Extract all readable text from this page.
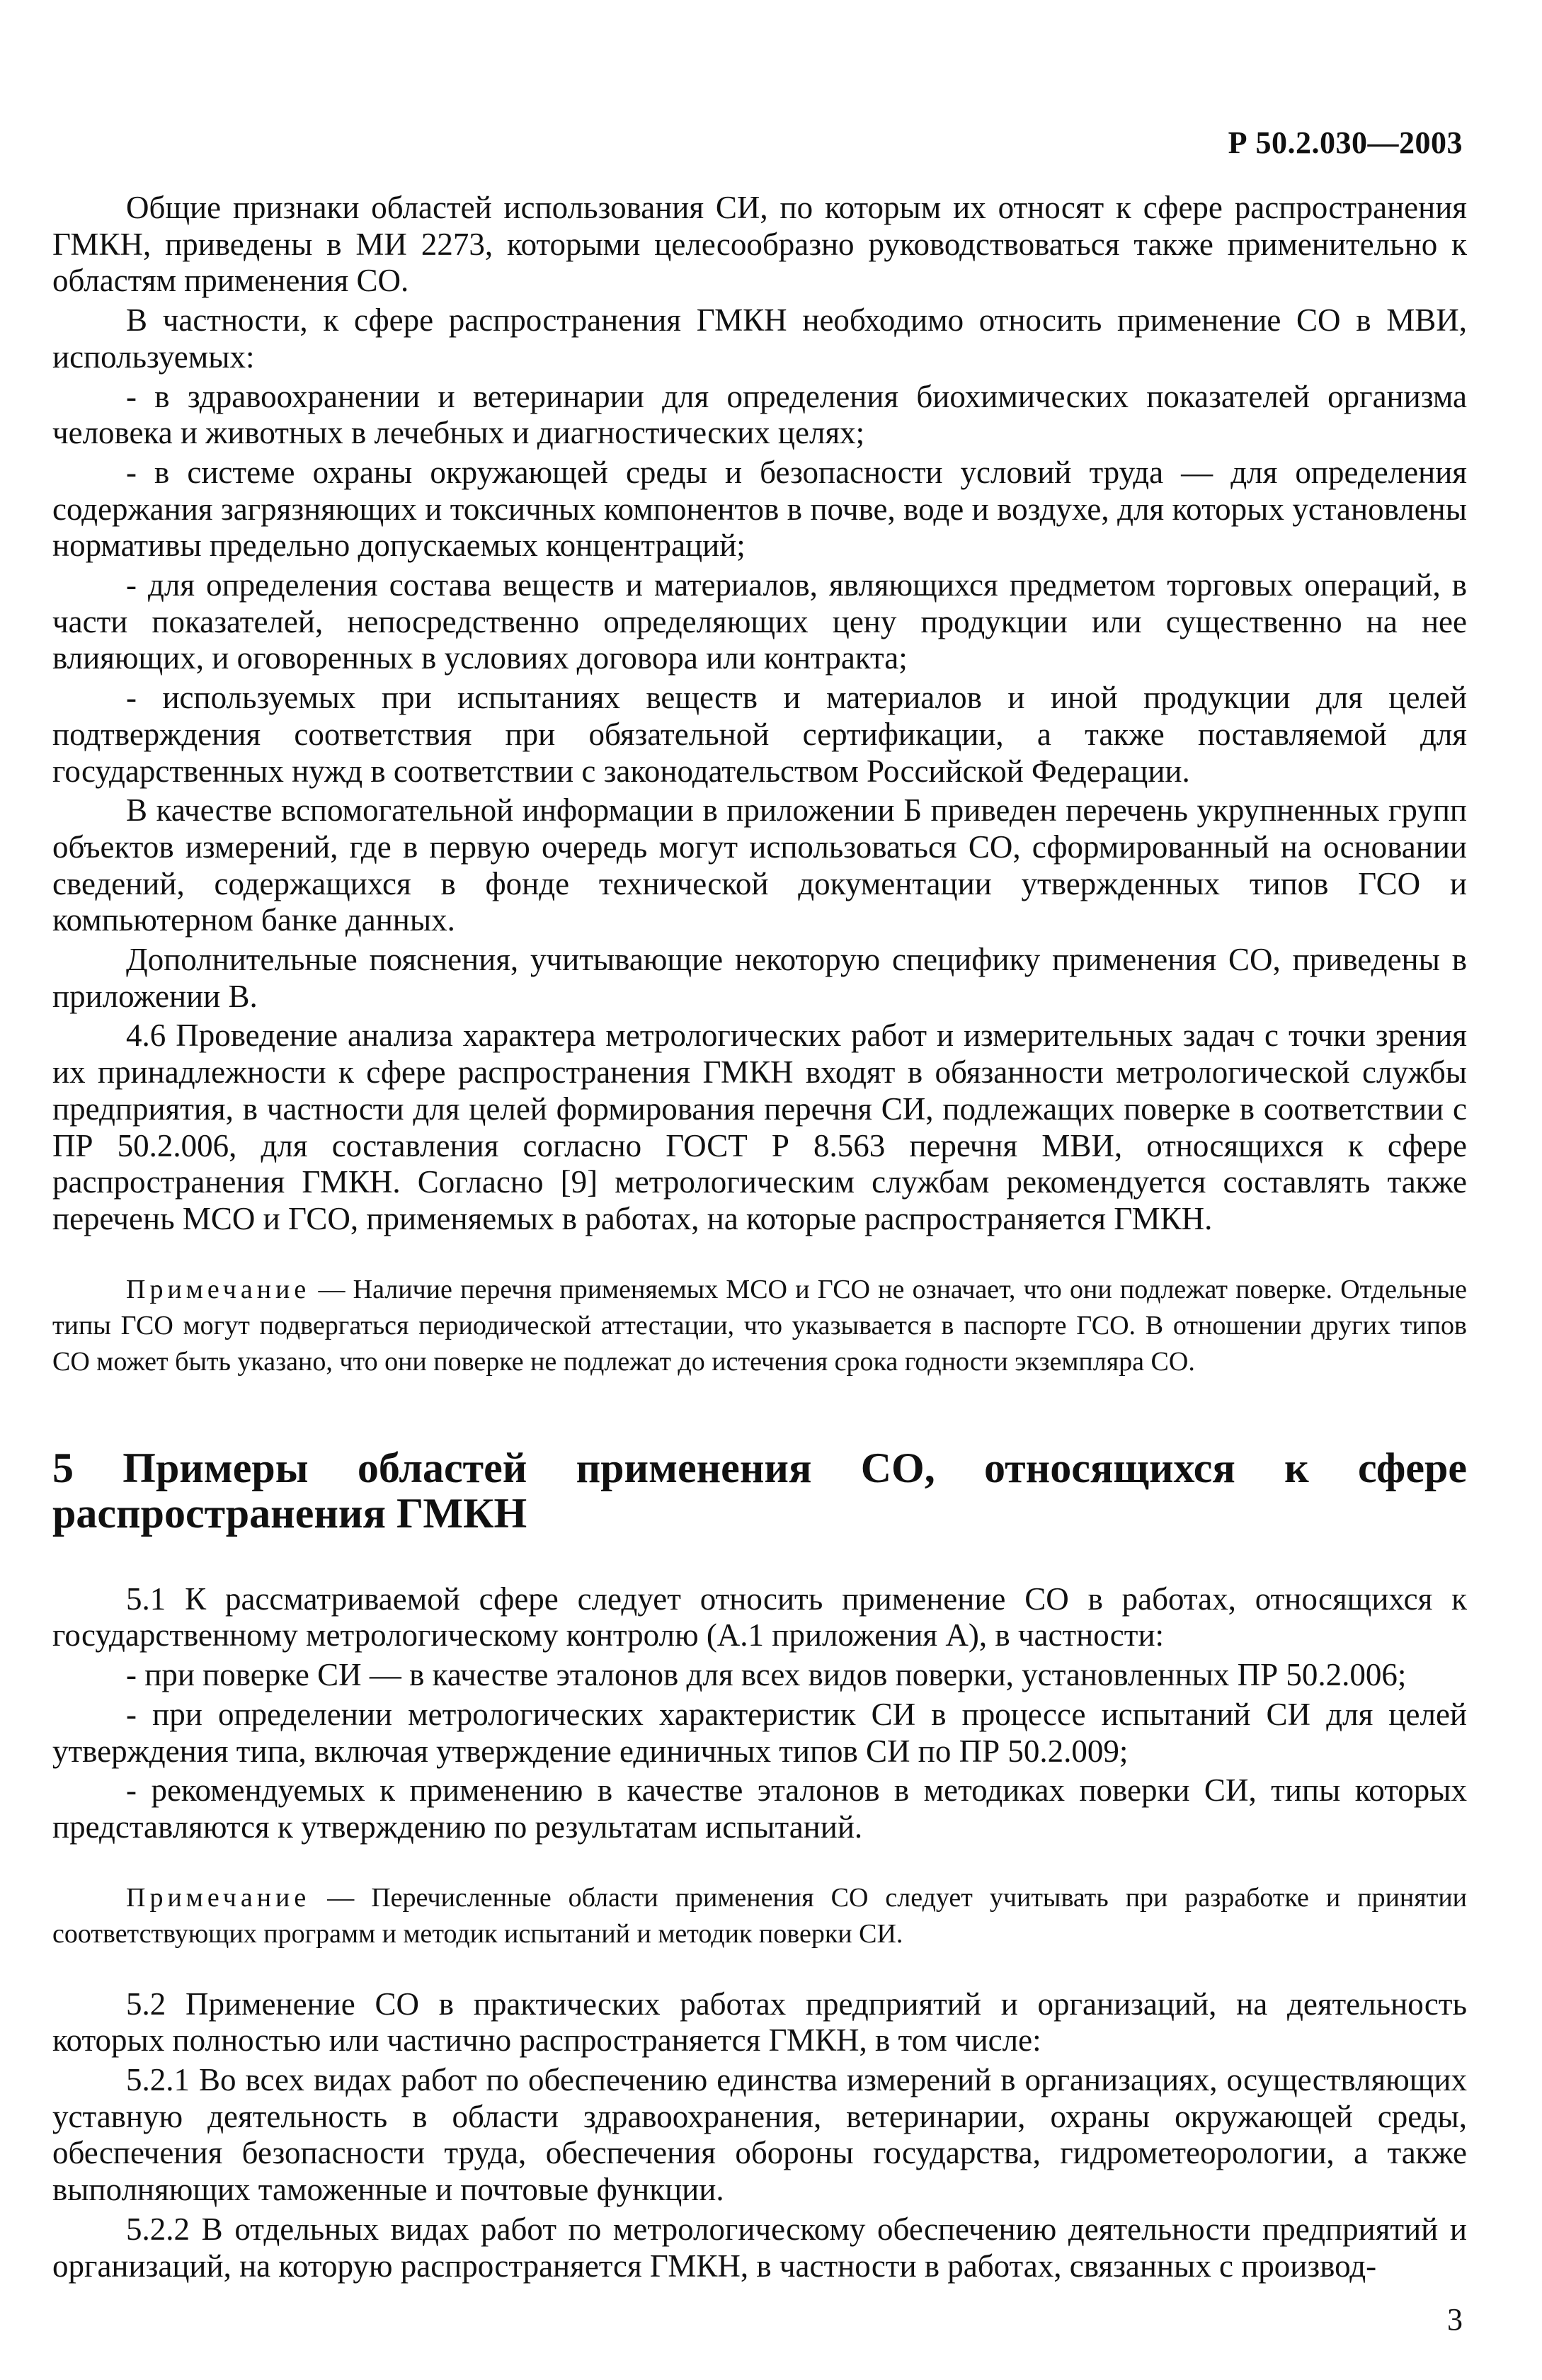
Р 50.2.030—2003

Общие признаки областей использования СИ, по которым их относят к сфере распространения ГМКН, приведены в МИ 2273, которыми целесообразно руководствоваться также применительно к областям применения СО.

В частности, к сфере распространения ГМКН необходимо относить применение СО в МВИ, используемых:

- в здравоохранении и ветеринарии для определения биохимических показателей организма человека и животных в лечебных и диагностических целях;

- в системе охраны окружающей среды и безопасности условий труда — для определения содержания загрязняющих и токсичных компонентов в почве, воде и воздухе, для которых установлены нормативы предельно допускаемых концентраций;

- для определения состава веществ и материалов, являющихся предметом торговых операций, в части показателей, непосредственно определяющих цену продукции или существенно на нее влияющих, и оговоренных в условиях договора или контракта;

- используемых при испытаниях веществ и материалов и иной продукции для целей подтверждения соответствия при обязательной сертификации, а также поставляемой для государственных нужд в соответствии с законодательством Российской Федерации.

В качестве вспомогательной информации в приложении Б приведен перечень укрупненных групп объектов измерений, где в первую очередь могут использоваться СО, сформированный на основании сведений, содержащихся в фонде технической документации утвержденных типов ГСО и компьютерном банке данных.

Дополнительные пояснения, учитывающие некоторую специфику применения СО, приведены в приложении В.

4.6 Проведение анализа характера метрологических работ и измерительных задач с точки зрения их принадлежности к сфере распространения ГМКН входят в обязанности метрологической службы предприятия, в частности для целей формирования перечня СИ, подлежащих поверке в соответствии с ПР 50.2.006, для составления согласно ГОСТ Р 8.563 перечня МВИ, относящихся к сфере распространения ГМКН. Согласно [9] метрологическим службам рекомендуется составлять также перечень МСО и ГСО, применяемых в работах, на которые распространяется ГМКН.

Примечание — Наличие перечня применяемых МСО и ГСО не означает, что они подлежат поверке. Отдельные типы ГСО могут подвергаться периодической аттестации, что указывается в паспорте ГСО. В отношении других типов СО может быть указано, что они поверке не подлежат до истечения срока годности экземпляра СО.

5 Примеры областей применения СО, относящихся к сфере распространения ГМКН

5.1 К рассматриваемой сфере следует относить применение СО в работах, относящихся к государственному метрологическому контролю (А.1 приложения А), в частности:

- при поверке СИ — в качестве эталонов для всех видов поверки, установленных ПР 50.2.006;

- при определении метрологических характеристик СИ в процессе испытаний СИ для целей утверждения типа, включая утверждение единичных типов СИ по ПР 50.2.009;

- рекомендуемых к применению в качестве эталонов в методиках поверки СИ, типы которых представляются к утверждению по результатам испытаний.

Примечание — Перечисленные области применения СО следует учитывать при разработке и принятии соответствующих программ и методик испытаний и методик поверки СИ.

5.2 Применение СО в практических работах предприятий и организаций, на деятельность которых полностью или частично распространяется ГМКН, в том числе:

5.2.1 Во всех видах работ по обеспечению единства измерений в организациях, осуществляющих уставную деятельность в области здравоохранения, ветеринарии, охраны окружающей среды, обеспечения безопасности труда, обеспечения обороны государства, гидрометеорологии, а также выполняющих таможенные и почтовые функции.

5.2.2 В отдельных видах работ по метрологическому обеспечению деятельности предприятий и организаций, на которую распространяется ГМКН, в частности в работах, связанных с производ-

3
